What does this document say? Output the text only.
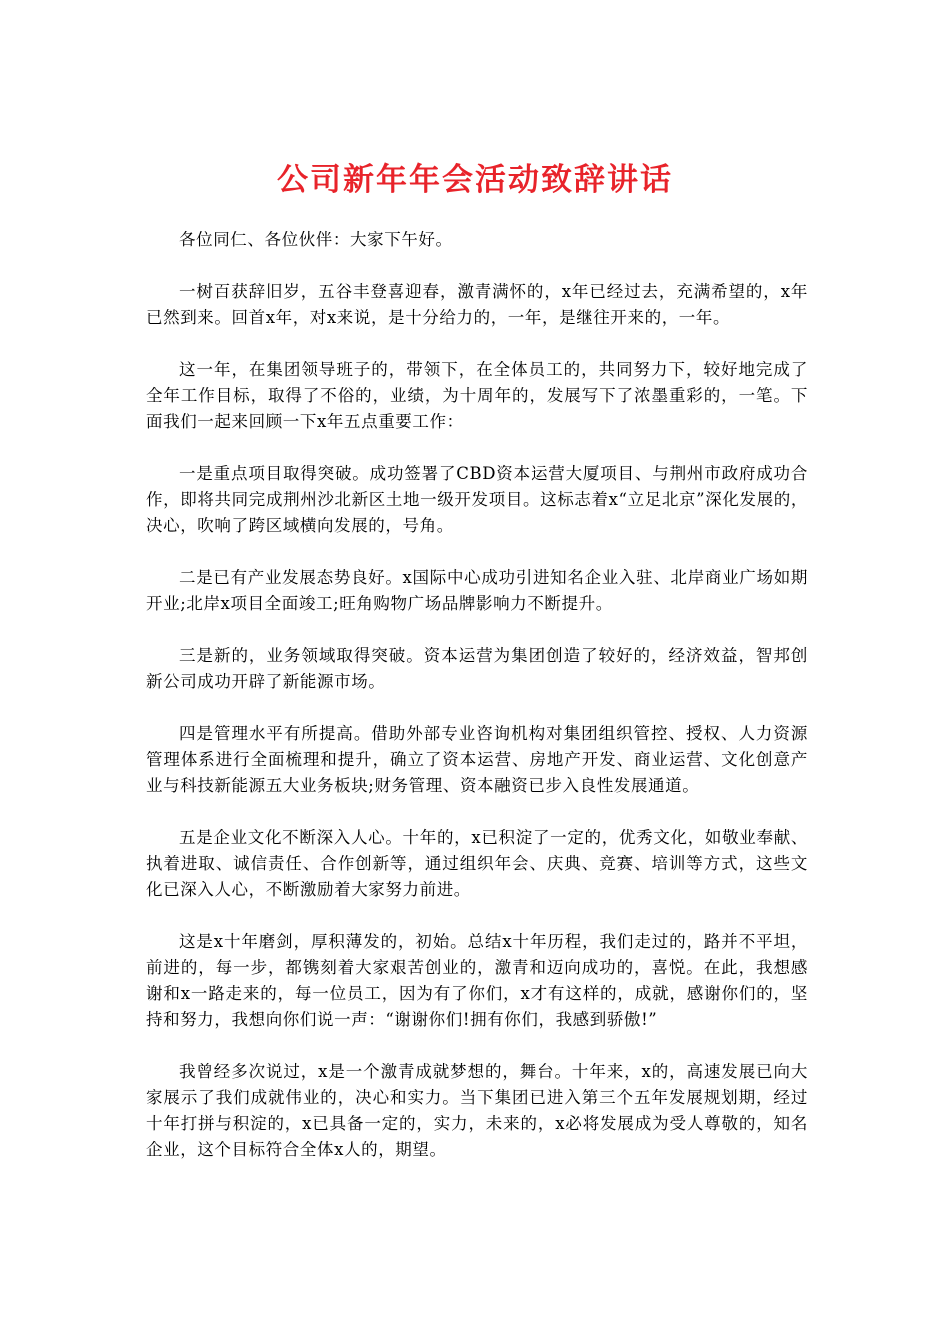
公司新年年会活动致辞讲话

各位同仁、各位伙伴：大家下午好。

一树百获辞旧岁，五谷丰登喜迎春，激青满怀的，x年已经过去，充满希望的，x年已然到来。回首x年，对x来说，是十分给力的，一年，是继往开来的，一年。

这一年，在集团领导班子的，带领下，在全体员工的，共同努力下，较好地完成了全年工作目标，取得了不俗的，业绩，为十周年的，发展写下了浓墨重彩的，一笔。下面我们一起来回顾一下x年五点重要工作：

一是重点项目取得突破。成功签署了CBD资本运营大厦项目、与荆州市政府成功合作，即将共同完成荆州沙北新区土地一级开发项目。这标志着x“立足北京”深化发展的，决心，吹响了跨区域横向发展的，号角。

二是已有产业发展态势良好。x国际中心成功引进知名企业入驻、北岸商业广场如期开业;北岸x项目全面竣工;旺角购物广场品牌影响力不断提升。

三是新的，业务领域取得突破。资本运营为集团创造了较好的，经济效益，智邦创新公司成功开辟了新能源市场。

四是管理水平有所提高。借助外部专业咨询机构对集团组织管控、授权、人力资源管理体系进行全面梳理和提升，确立了资本运营、房地产开发、商业运营、文化创意产业与科技新能源五大业务板块;财务管理、资本融资已步入良性发展通道。

五是企业文化不断深入人心。十年的，x已积淀了一定的，优秀文化，如敬业奉献、执着进取、诚信责任、合作创新等，通过组织年会、庆典、竞赛、培训等方式，这些文化已深入人心，不断激励着大家努力前进。

这是x十年磨剑，厚积薄发的，初始。总结x十年历程，我们走过的，路并不平坦，前进的，每一步，都镌刻着大家艰苦创业的，激青和迈向成功的，喜悦。在此，我想感谢和x一路走来的，每一位员工，因为有了你们，x才有这样的，成就，感谢你们的，坚持和努力，我想向你们说一声：“谢谢你们!拥有你们，我感到骄傲!”

我曾经多次说过，x是一个激青成就梦想的，舞台。十年来，x的，高速发展已向大家展示了我们成就伟业的，决心和实力。当下集团已进入第三个五年发展规划期，经过十年打拼与积淀的，x已具备一定的，实力，未来的，x必将发展成为受人尊敬的，知名企业，这个目标符合全体x人的，期望。
